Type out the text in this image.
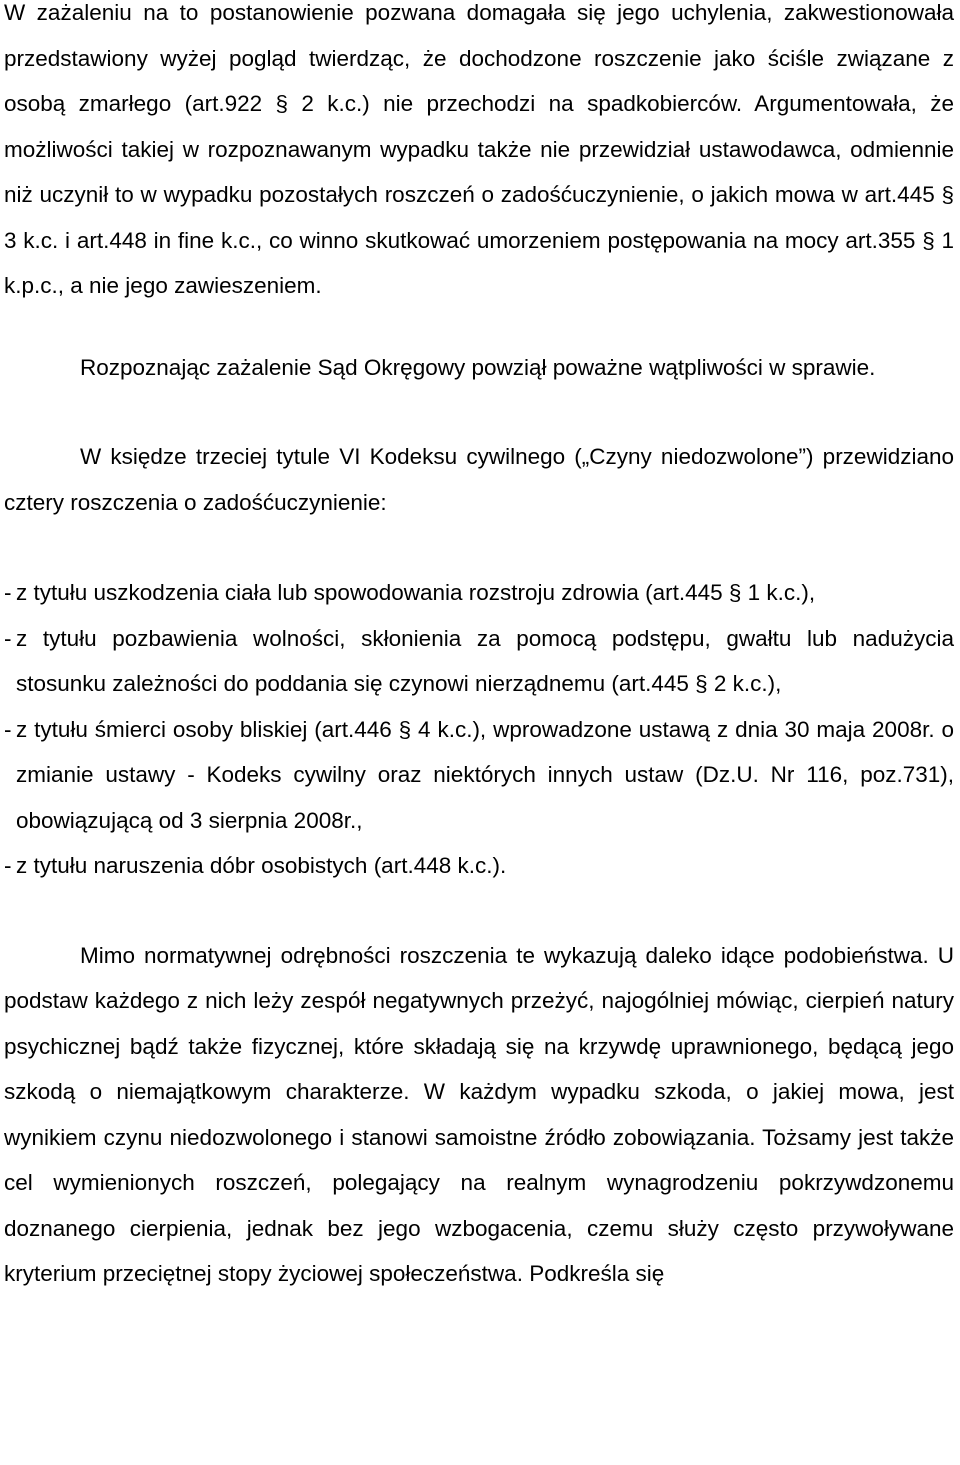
W zażaleniu na to postanowienie pozwana domagała się jego uchylenia, zakwestionowała przedstawiony wyżej pogląd twierdząc, że dochodzone roszczenie jako ściśle związane z osobą zmarłego (art.922 § 2 k.c.) nie przechodzi na spadkobierców. Argumentowała, że możliwości takiej w rozpoznawanym wypadku także nie przewidział ustawodawca, odmiennie niż uczynił to w wypadku pozostałych roszczeń o zadośćuczynienie, o jakich mowa w art.445 § 3 k.c. i art.448 in fine k.c., co winno skutkować umorzeniem postępowania na mocy art.355 § 1 k.p.c., a nie jego zawieszeniem.

Rozpoznając zażalenie Sąd Okręgowy powziął poważne wątpliwości w sprawie.

W księdze trzeciej tytule VI Kodeksu cywilnego („Czyny niedozwolone”) przewidziano cztery roszczenia o zadośćuczynienie:

- z tytułu uszkodzenia ciała lub spowodowania rozstroju zdrowia (art.445 § 1 k.c.),
- z tytułu pozbawienia wolności, skłonienia za pomocą podstępu, gwałtu lub nadużycia stosunku zależności do poddania się czynowi nierządnemu (art.445 § 2 k.c.),
- z tytułu śmierci osoby bliskiej (art.446 § 4 k.c.), wprowadzone ustawą z dnia 30 maja 2008r. o zmianie ustawy - Kodeks cywilny oraz niektórych innych ustaw (Dz.U. Nr 116, poz.731), obowiązującą od 3 sierpnia 2008r.,
- z tytułu naruszenia dóbr osobistych (art.448 k.c.).

Mimo normatywnej odrębności roszczenia te wykazują daleko idące podobieństwa. U podstaw każdego z nich leży zespół negatywnych przeżyć, najogólniej mówiąc, cierpień natury psychicznej bądź także fizycznej, które składają się na krzywdę uprawnionego, będącą jego szkodą o niemajątkowym charakterze. W każdym wypadku szkoda, o jakiej mowa, jest wynikiem czynu niedozwolonego i stanowi samoistne źródło zobowiązania. Tożsamy jest także cel wymienionych roszczeń, polegający na realnym wynagrodzeniu pokrzywdzonemu doznanego cierpienia, jednak bez jego wzbogacenia, czemu służy często przywoływane kryterium przeciętnej stopy życiowej społeczeństwa. Podkreśla się
